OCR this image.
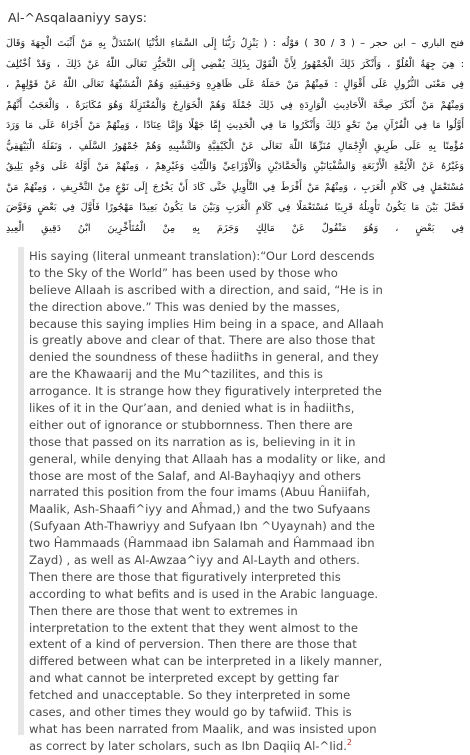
Al-^Asqalaaniyy says:
فتح الباري – ابن حجر – ( 3 / 30 ) قوْلُه : ( يَنْزِلُ رَبُّنَا إِلَى السَّمَاءِ الدُّنْيَا )اسْتَدَلَّ بِهِ مَنْ أَثْبَتَ الْجِهَةَ وَقَالَ
: هِيَ جِهَةُ الْعُلُوِّ ، وَأَنْكَرَ ذَلِكَ الْجُمْهُورُ لِأَنَّ الْقَوْلَ بِذَلِكَ يُفْضِي إِلَى التَّحَيُّزِ تَعَالَى اللَّهُ عَنْ ذَلِكَ ، وَقَدْ اُخْتُلِفَ
فِي مَعْنَى النُّزُولِ عَلَى أَقْوَالٍ : فَمِنْهُمْ مَنْ حَمَلَهُ عَلَى ظَاهِرِهِ وَحَقِيقَتِهِ وَهُمْ الْمُشَبِّهَةُ تَعَالَى اللَّهُ عَنْ قَوْلِهِمْ ،
وَمِنْهُمْ مَنْ أَنْكَرَ صِحَّةَ الْأَحَادِيثِ الْوَارِدَةِ فِي ذَلِكَ جُمْلَةً وَهُمْ الْخَوَارِجُ وَالْمُعْتَزِلَةُ وَهُوَ مُكَابَرَةٌ ، وَالْعَجَبُ أَنَّهُمْ
أَوَّلُوا مَا فِي الْقُرْآنِ مِنْ نَحْوِ ذَلِكَ وَأَنْكَرُوا مَا فِي الْحَدِيثِ إِمَّا جَهْلًا وَإِمَّا عِنَادًا ، وَمِنْهُمْ مَنْ أَجْرَاهُ عَلَى مَا وَرَدَ
مُؤْمِنًا بِهِ عَلَى طَرِيقِ الْإِجْمَالِ مُنَزِّهًا اللَّهَ تَعَالَى عَنْ الْكَيْفِيَّةِ وَالتَّشْبِيهِ وَهُمْ جُمْهُورُ السَّلَفِ ، وَنَقَلَهُ الْبَيْهَقِيُّ
وَغَيْرُهُ عَنْ الْأَئِمَّةِ الْأَرْبَعَةِ وَالسُّفْيَانَيْنِ وَالْحَمَّادَيْنِ وَالْأَوْزَاعِيِّ وَاللَّيْثِ وَغَيْرِهِمْ ، وَمِنْهُمْ مَنْ أَوَّلَهُ عَلَى وَجْهٍ يَلِيقُ
مُسْتَعْمَلٍ فِي كَلَامِ الْعَرَبِ ، وَمِنْهُمْ مَنْ أَفْرَطَ فِي التَّأْوِيلِ حَتَّى كَادَ أَنْ يَخْرُجَ إِلَى نَوْعٍ مِنْ التَّحْرِيفِ ، وَمِنْهُمْ مَنْ
فَصَّلَ بَيْنَ مَا يَكُونُ تَأْوِيلُهُ قَرِيبًا مُسْتَعْمَلًا فِي كَلَامِ الْعَرَبِ وَبَيْنَ مَا يَكُونُ بَعِيدًا مَهْجُورًا فَأَوَّلَ فِي بَعْضٍ وَفَوَّضَ
فِي بَعْضٍ ، وَهُوَ مَنْقُولٌ عَنْ مَالِكٍ وَجَزَمَ بِهِ مِنْ الْمُتَأَخِّرِينَ ابْنُ دَقِيقِ الْعِيدِ
His saying (literal unmeant translation):“Our Lord descends
to the Sky of the World” has been used by those who
believe Allaah is ascribed with a direction, and said, “He is in
the direction above.” This was denied by the masses,
because this saying implies Him being in a space, and Allaah
is greatly above and clear of that. There are also those that
denied the soundness of these ĥadiitħs in general, and they
are the Kħawaarij and the Mu^tazilites, and this is
arrogance. It is strange how they figuratively interpreted the
likes of it in the Qur’aan, and denied what is in ĥadiitħs,
either out of ignorance or stubbornness. Then there are
those that passed on its narration as is, believing in it in
general, while denying that Allaah has a modality or like, and
those are most of the Salaf, and Al-Bayhaqiyy and others
narrated this position from the four imams (Abuu Ĥaniifah,
Maalik, Ash-Shaafi^iyy and Aĥmad,) and the two Sufyaans
(Sufyaan Ath-Thawriyy and Sufyaan Ibn ^Uyaynah) and the
two Ĥammaads (Ĥammaad ibn Salamah and Ĥammaad ibn
Zayd) , as well as Al-Awzaa^iyy and Al-Layth and others.
Then there are those that figuratively interpreted this
according to what befits and is used in the Arabic language.
Then there are those that went to extremes in
interpretation to the extent that they went almost to the
extent of a kind of perversion. Then there are those that
differed between what can be interpreted in a likely manner,
and what cannot be interpreted except by getting far
fetched and unacceptable. So they interpreted in some
cases, and other times they would go by tafwiiđ. This is
what has been narrated from Maalik, and was insisted upon
as correct by later scholars, such as Ibn Daqiiq Al-^Iid.$^2$
